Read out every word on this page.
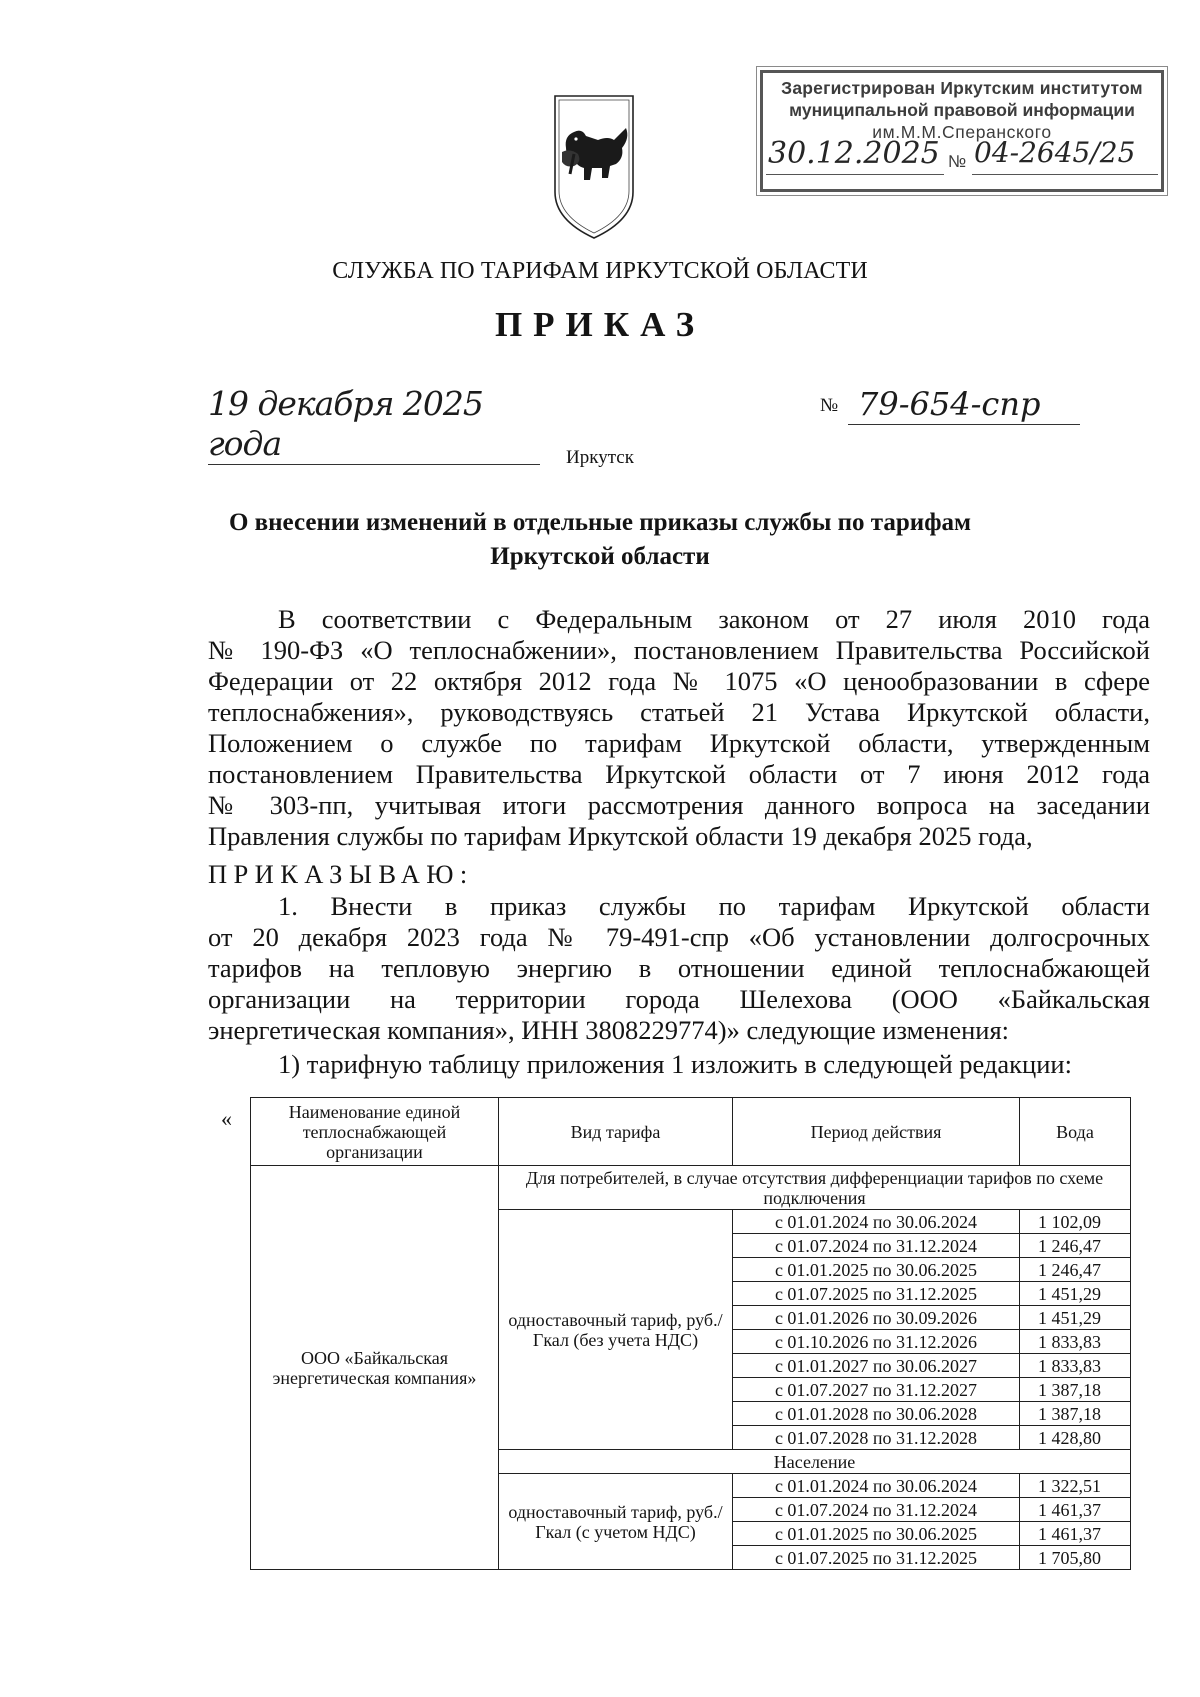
Зарегистрирован Иркутским институтом
муниципальной правовой информации
им.М.М.Сперанского
30.12.2025 № 04-2645/25
СЛУЖБА ПО ТАРИФАМ ИРКУТСКОЙ ОБЛАСТИ
ПРИКАЗ
19 декабря 2025 года
№ 79-654-спр
Иркутск
О внесении изменений в отдельные приказы службы по тарифам
Иркутской области
В соответствии с Федеральным законом от 27 июля 2010 года
№ 190-ФЗ «О теплоснабжении», постановлением Правительства Российской
Федерации от 22 октября 2012 года № 1075 «О ценообразовании в сфере
теплоснабжения», руководствуясь статьей 21 Устава Иркутской области,
Положением о службе по тарифам Иркутской области, утвержденным
постановлением Правительства Иркутской области от 7 июня 2012 года
№ 303-пп, учитывая итоги рассмотрения данного вопроса на заседании
Правления службы по тарифам Иркутской области 19 декабря 2025 года,
ПРИКАЗЫВАЮ:
1. Внести в приказ службы по тарифам Иркутской области
от 20 декабря 2023 года № 79-491-спр «Об установлении долгосрочных
тарифов на тепловую энергию в отношении единой теплоснабжающей
организации на территории города Шелехова (ООО «Байкальская
энергетическая компания», ИНН 3808229774)» следующие изменения:
1) тарифную таблицу приложения 1 изложить в следующей редакции:
«	Наименование единой теплоснабжающей организации	Вид тарифа	Период действия	Вода
ООО «Байкальская энергетическая компания»	Для потребителей, в случае отсутствия дифференциации тарифов по схеме подключения		
	одноставочный тариф, руб./Гкал (без учета НДС)	с 01.01.2024 по 30.06.2024	1 102,09
		с 01.07.2024 по 31.12.2024	1 246,47
		с 01.01.2025 по 30.06.2025	1 246,47
		с 01.07.2025 по 31.12.2025	1 451,29
		с 01.01.2026 по 30.09.2026	1 451,29
		с 01.10.2026 по 31.12.2026	1 833,83
		с 01.01.2027 по 30.06.2027	1 833,83
		с 01.07.2027 по 31.12.2027	1 387,18
		с 01.01.2028 по 30.06.2028	1 387,18
		с 01.07.2028 по 31.12.2028	1 428,80
	Население		
	одноставочный тариф, руб./Гкал (с учетом НДС)	с 01.01.2024 по 30.06.2024	1 322,51
		с 01.07.2024 по 31.12.2024	1 461,37
		с 01.01.2025 по 30.06.2025	1 461,37
		с 01.07.2025 по 31.12.2025	1 705,80
